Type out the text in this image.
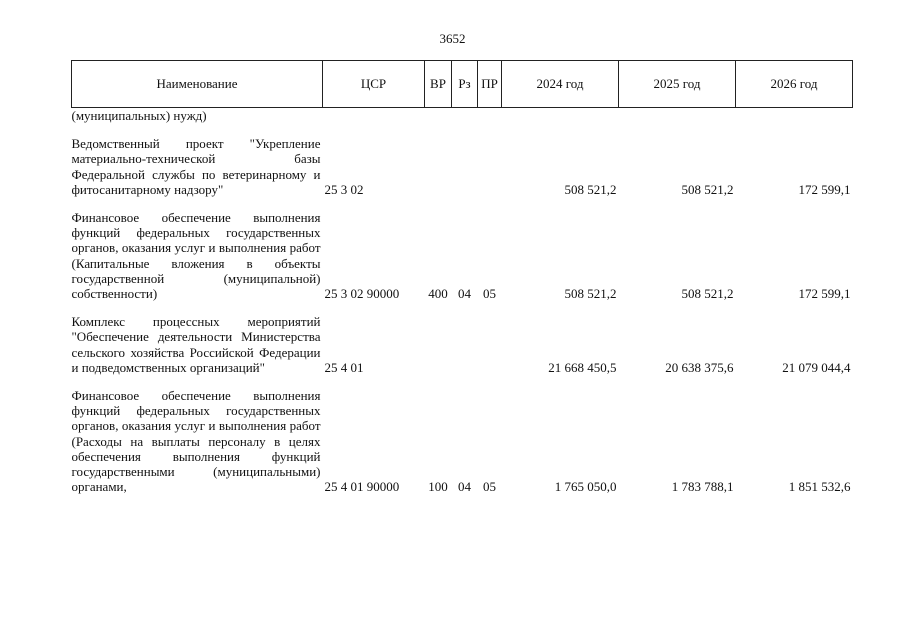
3652
Наименование	ЦСР	ВР	Рз	ПР	2024 год	2025 год	2026 год
(муниципальных) нужд)							

Ведомственный проект "Укрепление материально-технической базы Федеральной службы по ветеринарному и фитосанитарному надзору"	25 3 02				508 521,2	508 521,2	172 599,1

Финансовое обеспечение выполнения функций федеральных государственных органов, оказания услуг и выполнения работ (Капитальные вложения в объекты государственной (муниципальной) собственности)	25 3 02 90000	400	04	05	508 521,2	508 521,2	172 599,1

Комплекс процессных мероприятий "Обеспечение деятельности Министерства сельского хозяйства Российской Федерации и подведомственных организаций"	25 4 01				21 668 450,5	20 638 375,6	21 079 044,4

Финансовое обеспечение выполнения функций федеральных государственных органов, оказания услуг и выполнения работ (Расходы на выплаты персоналу в целях обеспечения выполнения функций государственными (муниципальными) органами,	25 4 01 90000	100	04	05	1 765 050,0	1 783 788,1	1 851 532,6
